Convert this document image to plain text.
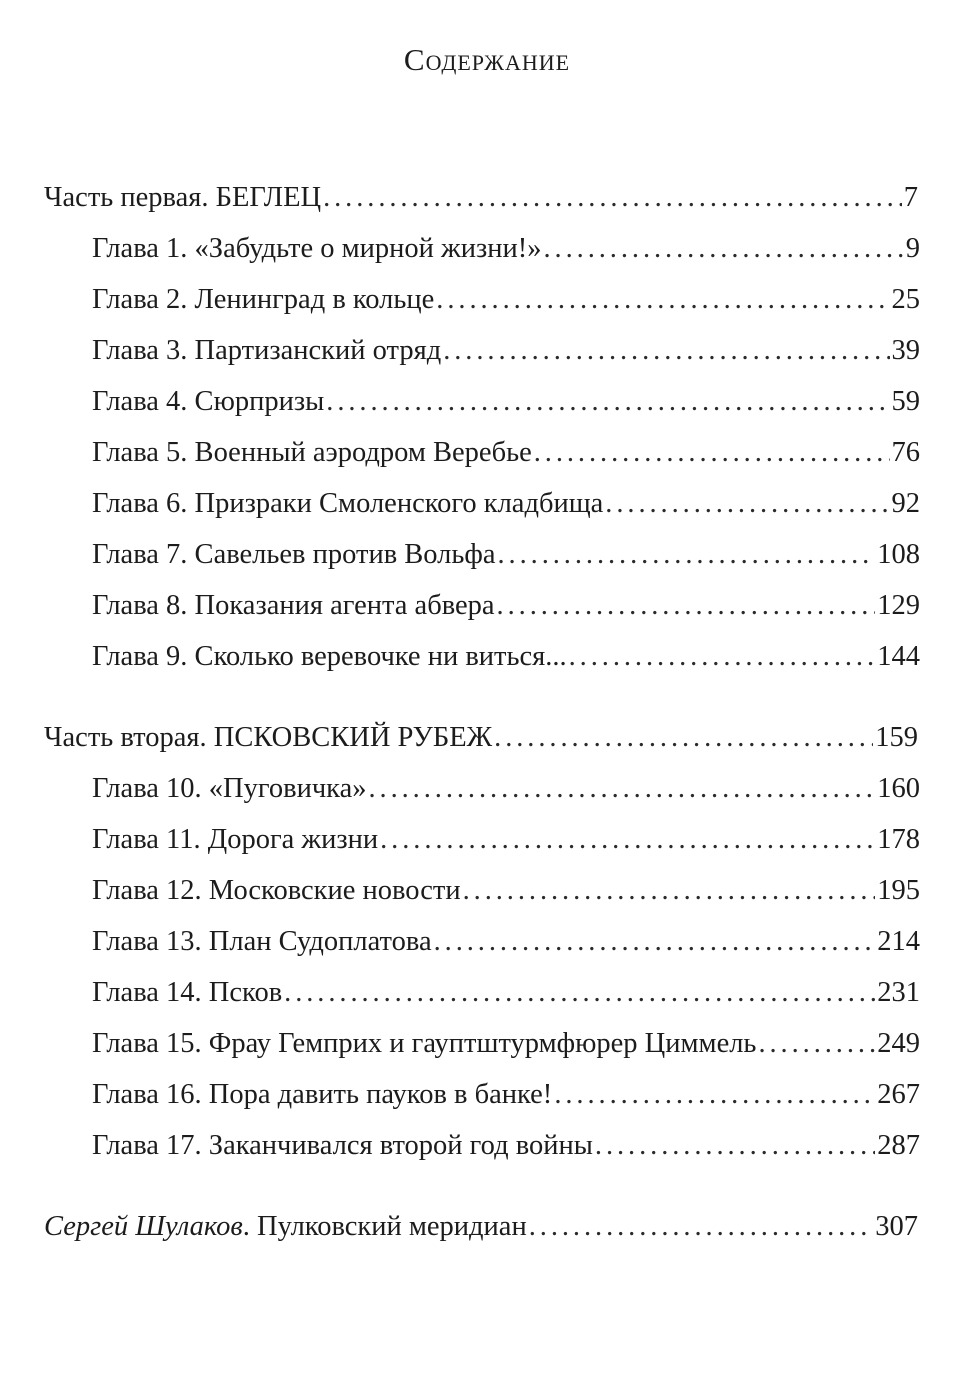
Содержание
Часть первая. БЕГЛЕЦ . . .	7
Глава 1. «Забудьте о мирной жизни!» . . .	9
Глава 2. Ленинград в кольце . . .	25
Глава 3. Партизанский отряд . . .	39
Глава 4. Сюрпризы . . .	59
Глава 5. Военный аэродром Веребье . . .	76
Глава 6. Призраки Смоленского кладбища . . .	92
Глава 7. Савельев против Вольфа . . .	108
Глава 8. Показания агента абвера . . .	129
Глава 9. Сколько веревочке ни виться... . . .	144
Часть вторая. ПСКОВСКИЙ РУБЕЖ . . .	159
Глава 10. «Пуговичка» . . .	160
Глава 11. Дорога жизни . . .	178
Глава 12. Московские новости . . .	195
Глава 13. План Судоплатова . . .	214
Глава 14. Псков . . .	231
Глава 15. Фрау Гемприх и гауптштурмфюрер Циммель . . .	249
Глава 16. Пора давить пауков в банке! . . .	267
Глава 17. Заканчивался второй год войны . . .	287
Сергей Шулаков. Пулковский меридиан . . .	307
